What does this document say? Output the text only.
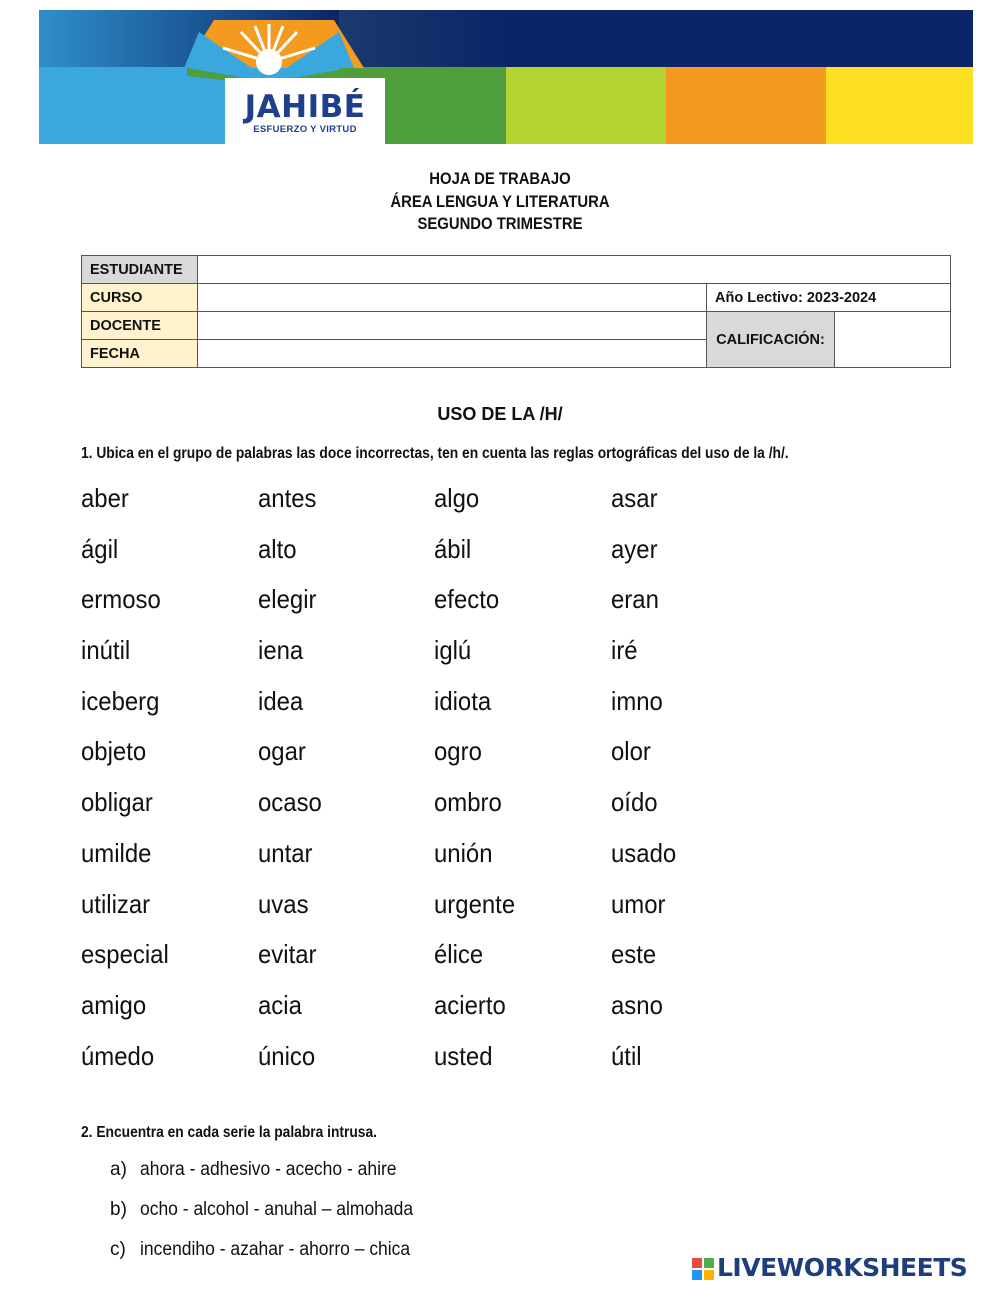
JAHIBÉ
ESFUERZO Y VIRTUD
HOJA DE TRABAJO
ÁREA LENGUA Y LITERATURA
SEGUNDO TRIMESTRE
ESTUDIANTE			
CURSO		Año Lectivo: 2023-2024	
DOCENTE		CALIFICACIÓN:	
FECHA			
USO DE LA /H/
1. Ubica en el grupo de palabras las doce incorrectas, ten en cuenta las reglas ortográficas del uso de la /h/.
aber	antes	algo	asar
ágil	alto	ábil	ayer
ermoso	elegir	efecto	eran
inútil	iena	iglú	iré
iceberg	idea	idiota	imno
objeto	ogar	ogro	olor
obligar	ocaso	ombro	oído
umilde	untar	unión	usado
utilizar	uvas	urgente	umor
especial	evitar	élice	este
amigo	acia	acierto	asno
úmedo	único	usted	útil
2. Encuentra en cada serie la palabra intrusa.
a) ahora - adhesivo - acecho - ahire
b) ocho - alcohol - anuhal – almohada
c) incendiho - azahar - ahorro – chica
LIVEWORKSHEETS
